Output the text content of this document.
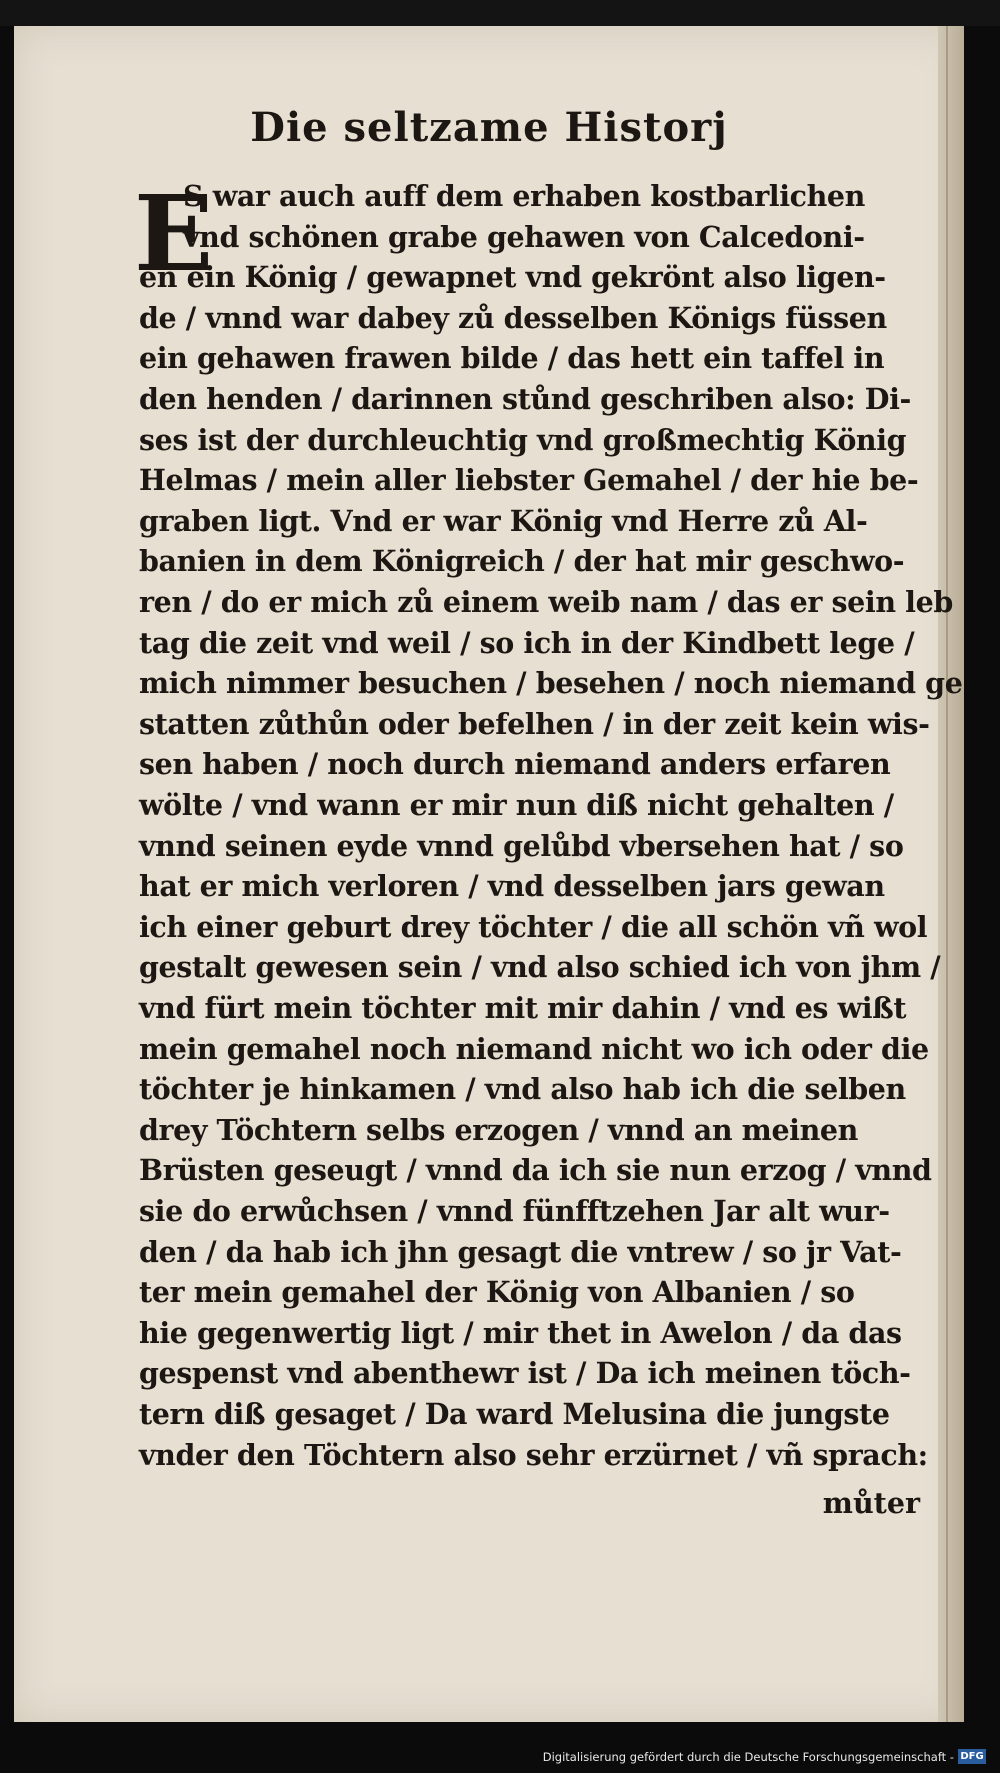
Die seltzame Historj
E
S war auch auff dem erhaben kostbarlichen
vnd schönen grabe gehawen von Calcedoni-
en ein König / gewapnet vnd gekrönt also ligen-
de / vnnd war dabey zů desselben Königs füssen
ein gehawen frawen bilde / das hett ein taffel in
den henden / darinnen stůnd geschriben also: Di-
ses ist der durchleuchtig vnd großmechtig König
Helmas / mein aller liebster Gemahel / der hie be-
graben ligt. Vnd er war König vnd Herre zů Al-
banien in dem Königreich / der hat mir geschwo-
ren / do er mich zů einem weib nam / das er sein leb
tag die zeit vnd weil / so ich in der Kindbett lege /
mich nimmer besuchen / besehen / noch niemand ge
statten zůthůn oder befelhen / in der zeit kein wis-
sen haben / noch durch niemand anders erfaren
wölte / vnd wann er mir nun diß nicht gehalten /
vnnd seinen eyde vnnd gelůbd vbersehen hat / so
hat er mich verloren / vnd desselben jars gewan
ich einer geburt drey töchter / die all schön vñ wol
gestalt gewesen sein / vnd also schied ich von jhm /
vnd fürt mein töchter mit mir dahin / vnd es wißt
mein gemahel noch niemand nicht wo ich oder die
töchter je hinkamen / vnd also hab ich die selben
drey Töchtern selbs erzogen / vnnd an meinen
Brüsten geseugt / vnnd da ich sie nun erzog / vnnd
sie do erwůchsen / vnnd fünfftzehen Jar alt wur-
den / da hab ich jhn gesagt die vntrew / so jr Vat-
ter mein gemahel der König von Albanien / so
hie gegenwertig ligt / mir thet in Awelon / da das
gespenst vnd abenthewr ist / Da ich meinen töch-
tern diß gesaget / Da ward Melusina die jungste
vnder den Töchtern also sehr erzürnet / vñ sprach:
můter
Digitalisierung gefördert durch die Deutsche Forschungsgemeinschaft - DFG
